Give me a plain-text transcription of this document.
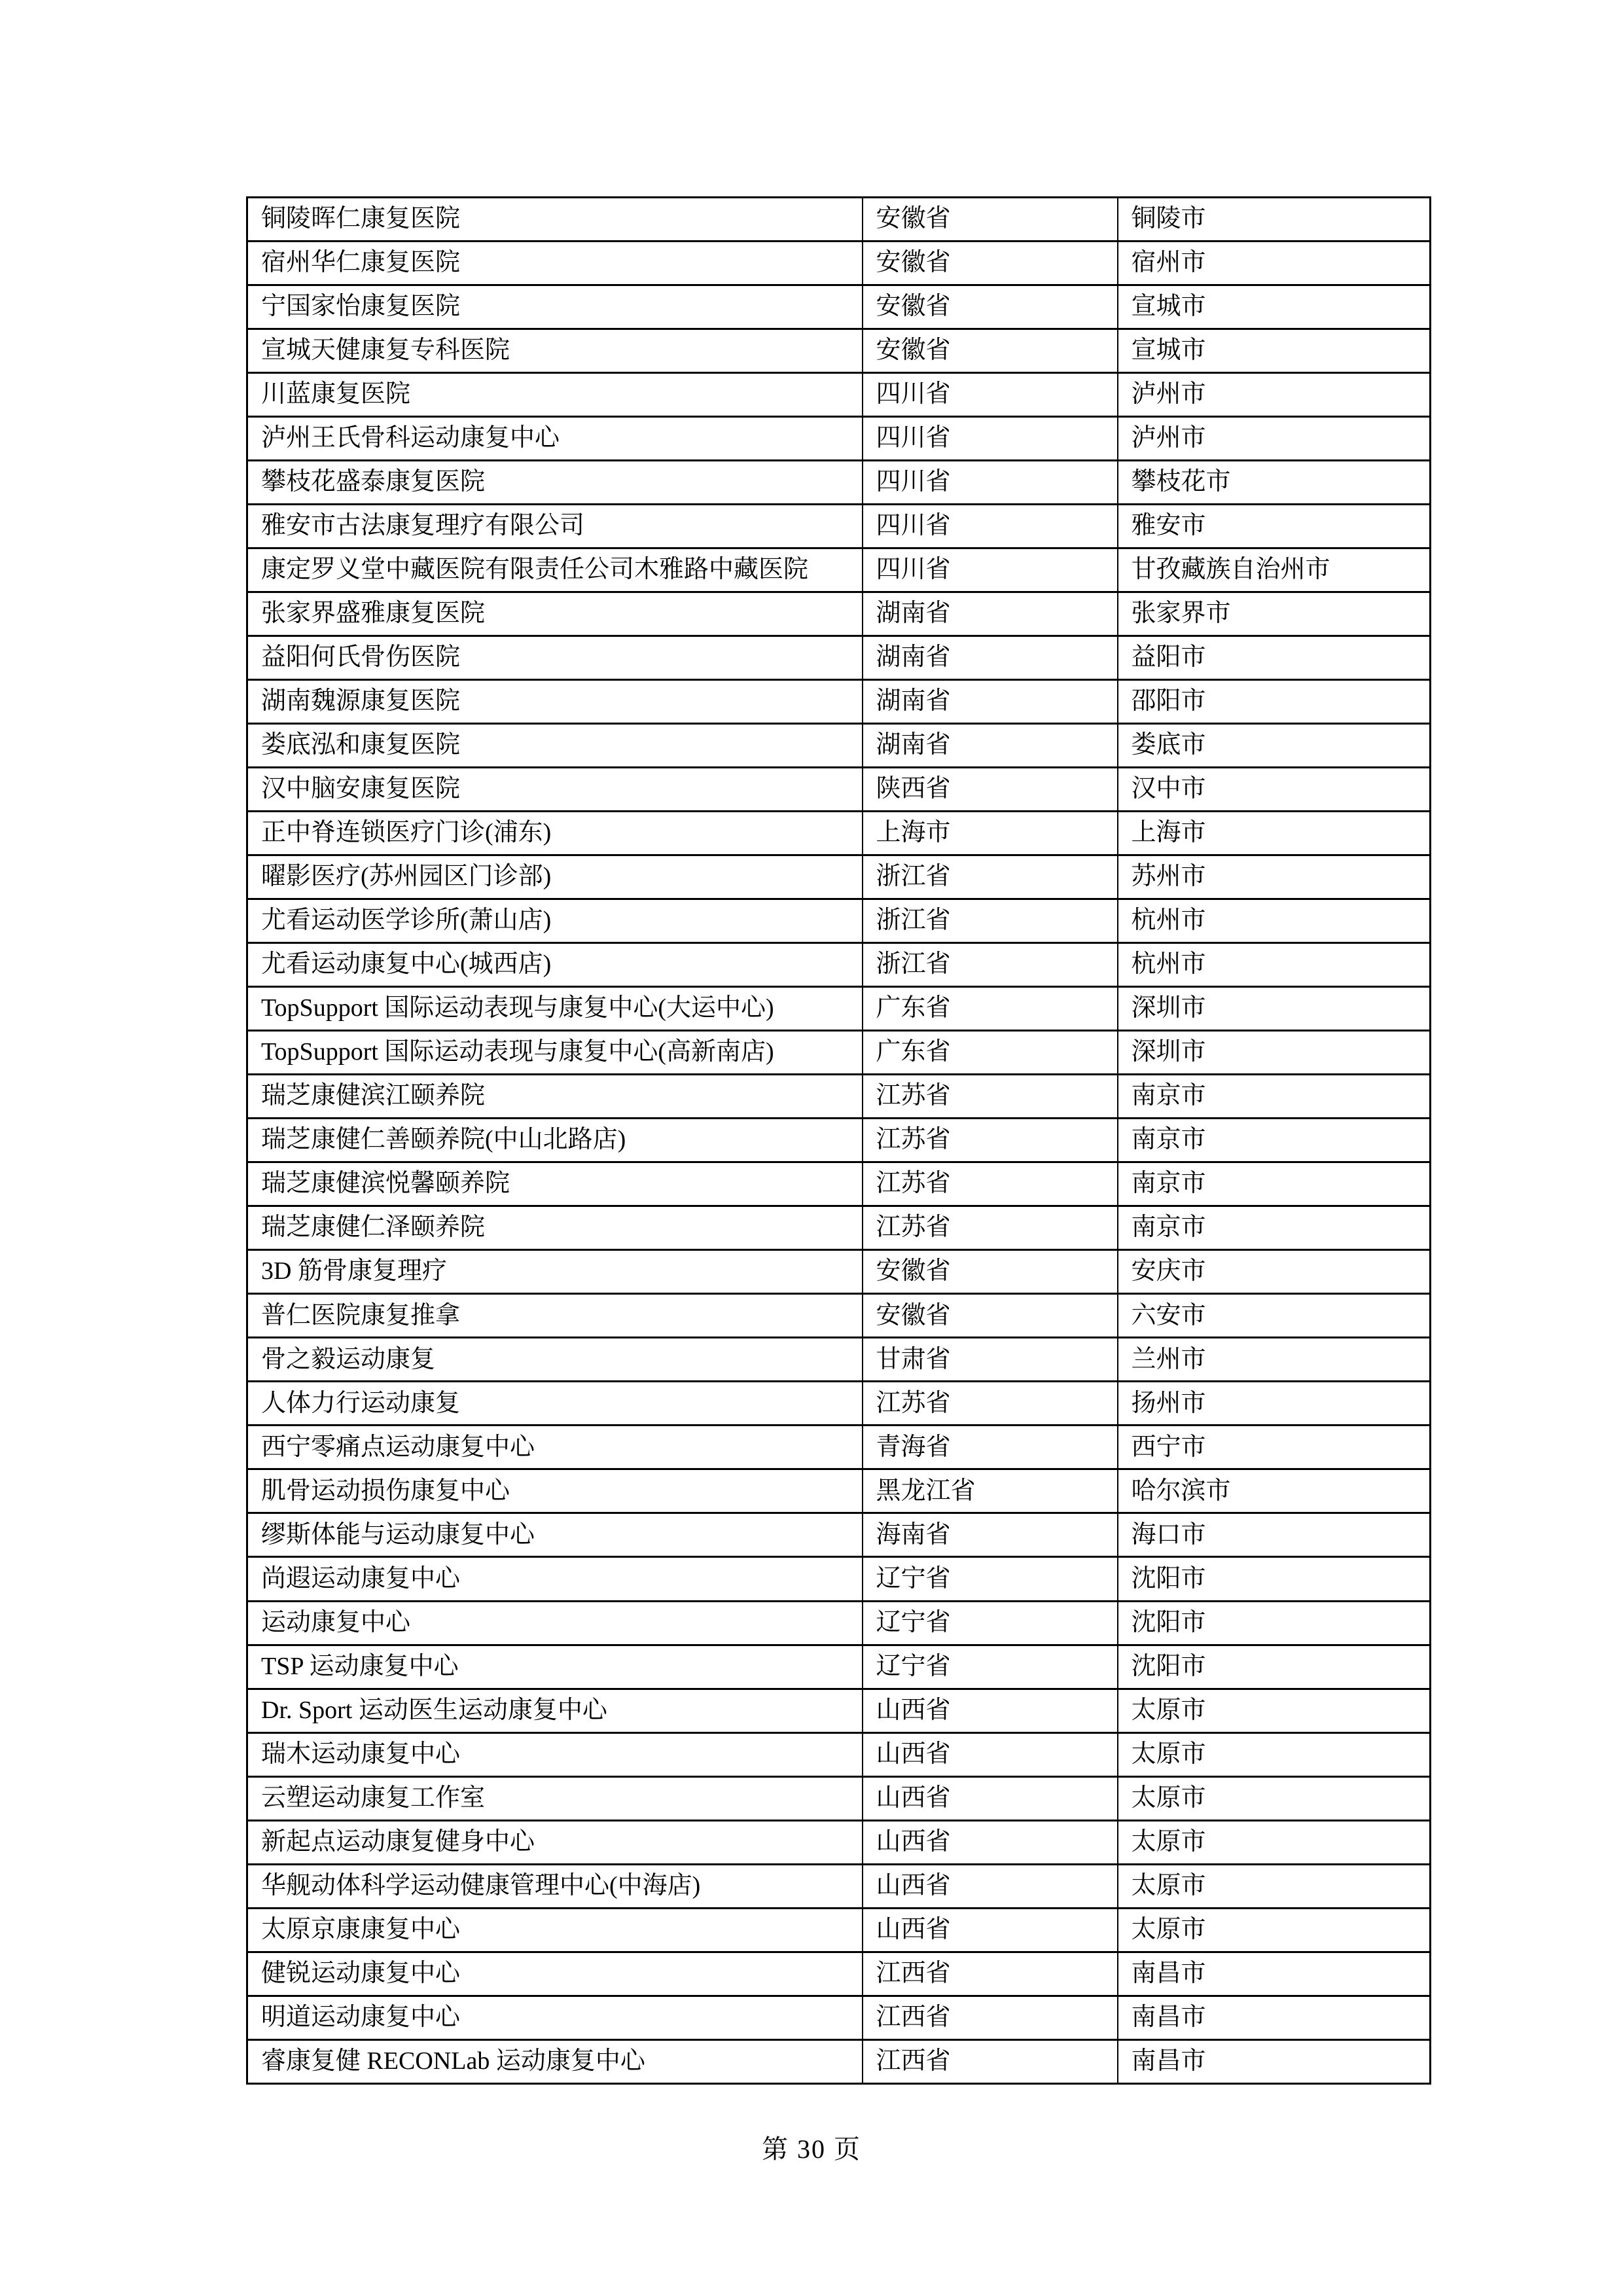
铜陵晖仁康复医院	安徽省	铜陵市
宿州华仁康复医院	安徽省	宿州市
宁国家怡康复医院	安徽省	宣城市
宣城天健康复专科医院	安徽省	宣城市
川蓝康复医院	四川省	泸州市
泸州王氏骨科运动康复中心	四川省	泸州市
攀枝花盛泰康复医院	四川省	攀枝花市
雅安市古法康复理疗有限公司	四川省	雅安市
康定罗义堂中藏医院有限责任公司木雅路中藏医院	四川省	甘孜藏族自治州市
张家界盛雅康复医院	湖南省	张家界市
益阳何氏骨伤医院	湖南省	益阳市
湖南魏源康复医院	湖南省	邵阳市
娄底泓和康复医院	湖南省	娄底市
汉中脑安康复医院	陕西省	汉中市
正中脊连锁医疗门诊(浦东)	上海市	上海市
曜影医疗(苏州园区门诊部)	浙江省	苏州市
尤看运动医学诊所(萧山店)	浙江省	杭州市
尤看运动康复中心(城西店)	浙江省	杭州市
TopSupport 国际运动表现与康复中心(大运中心)	广东省	深圳市
TopSupport 国际运动表现与康复中心(高新南店)	广东省	深圳市
瑞芝康健滨江颐养院	江苏省	南京市
瑞芝康健仁善颐养院(中山北路店)	江苏省	南京市
瑞芝康健滨悦馨颐养院	江苏省	南京市
瑞芝康健仁泽颐养院	江苏省	南京市
3D 筋骨康复理疗	安徽省	安庆市
普仁医院康复推拿	安徽省	六安市
骨之毅运动康复	甘肃省	兰州市
人体力行运动康复	江苏省	扬州市
西宁零痛点运动康复中心	青海省	西宁市
肌骨运动损伤康复中心	黑龙江省	哈尔滨市
缪斯体能与运动康复中心	海南省	海口市
尚遐运动康复中心	辽宁省	沈阳市
运动康复中心	辽宁省	沈阳市
TSP 运动康复中心	辽宁省	沈阳市
Dr. Sport 运动医生运动康复中心	山西省	太原市
瑞木运动康复中心	山西省	太原市
云塑运动康复工作室	山西省	太原市
新起点运动康复健身中心	山西省	太原市
华舰动体科学运动健康管理中心(中海店)	山西省	太原市
太原京康康复中心	山西省	太原市
健锐运动康复中心	江西省	南昌市
明道运动康复中心	江西省	南昌市
睿康复健 RECONLab 运动康复中心	江西省	南昌市
第 30 页
